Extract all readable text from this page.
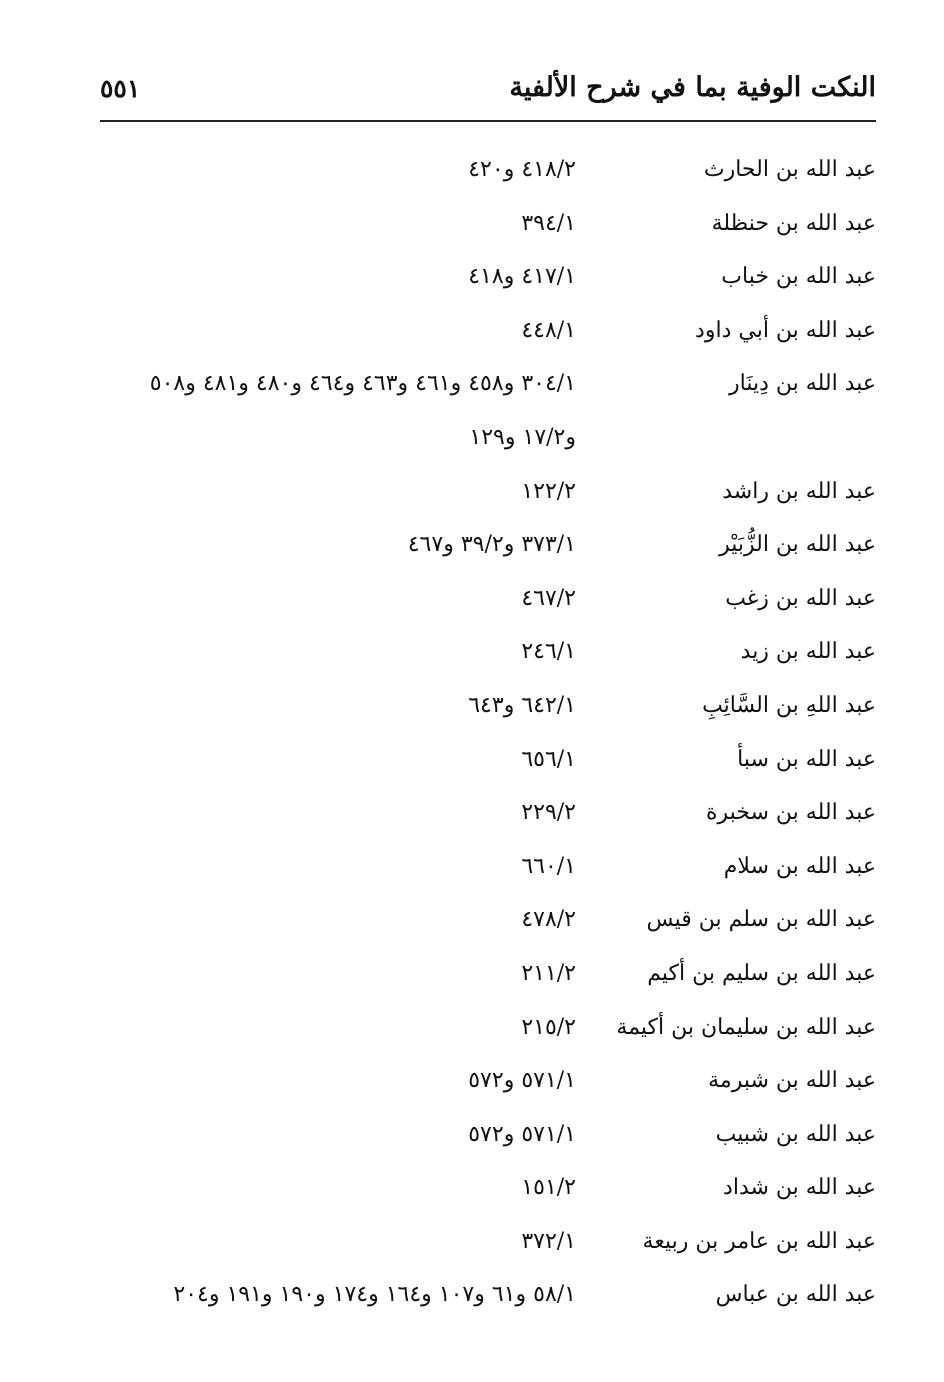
النكت الوفية بما في شرح الألفية
٥٥١
عبد الله بن الحارث
٤١٨/٢ و٤٢٠
عبد الله بن حنظلة
٣٩٤/١
عبد الله بن خباب
٤١٧/١ و٤١٨
عبد الله بن أبي داود
٤٤٨/١
عبد الله بن دِينَار
٣٠٤/١ و٤٥٨ و٤٦١ و٤٦٣ و٤٦٤ و٤٨٠ و٤٨١ و٥٠٨
و١٧/٢ و١٢٩
عبد الله بن راشد
١٢٢/٢
عبد الله بن الزُّبَيْر
٣٧٣/١ و٣٩/٢ و٤٦٧
عبد الله بن زغب
٤٦٧/٢
عبد الله بن زيد
٢٤٦/١
عبد اللهِ بن السَّائِبِ
٦٤٢/١ و٦٤٣
عبد الله بن سبأ
٦٥٦/١
عبد الله بن سخبرة
٢٢٩/٢
عبد الله بن سلام
٦٦٠/١
عبد الله بن سلم بن قيس
٤٧٨/٢
عبد الله بن سليم بن أكيم
٢١١/٢
عبد الله بن سليمان بن أكيمة
٢١٥/٢
عبد الله بن شبرمة
٥٧١/١ و٥٧٢
عبد الله بن شبيب
٥٧١/١ و٥٧٢
عبد الله بن شداد
١٥١/٢
عبد الله بن عامر بن ربيعة
٣٧٢/١
عبد الله بن عباس
٥٨/١ و٦١ و١٠٧ و١٦٤ و١٧٤ و١٩٠ و١٩١ و٢٠٤
